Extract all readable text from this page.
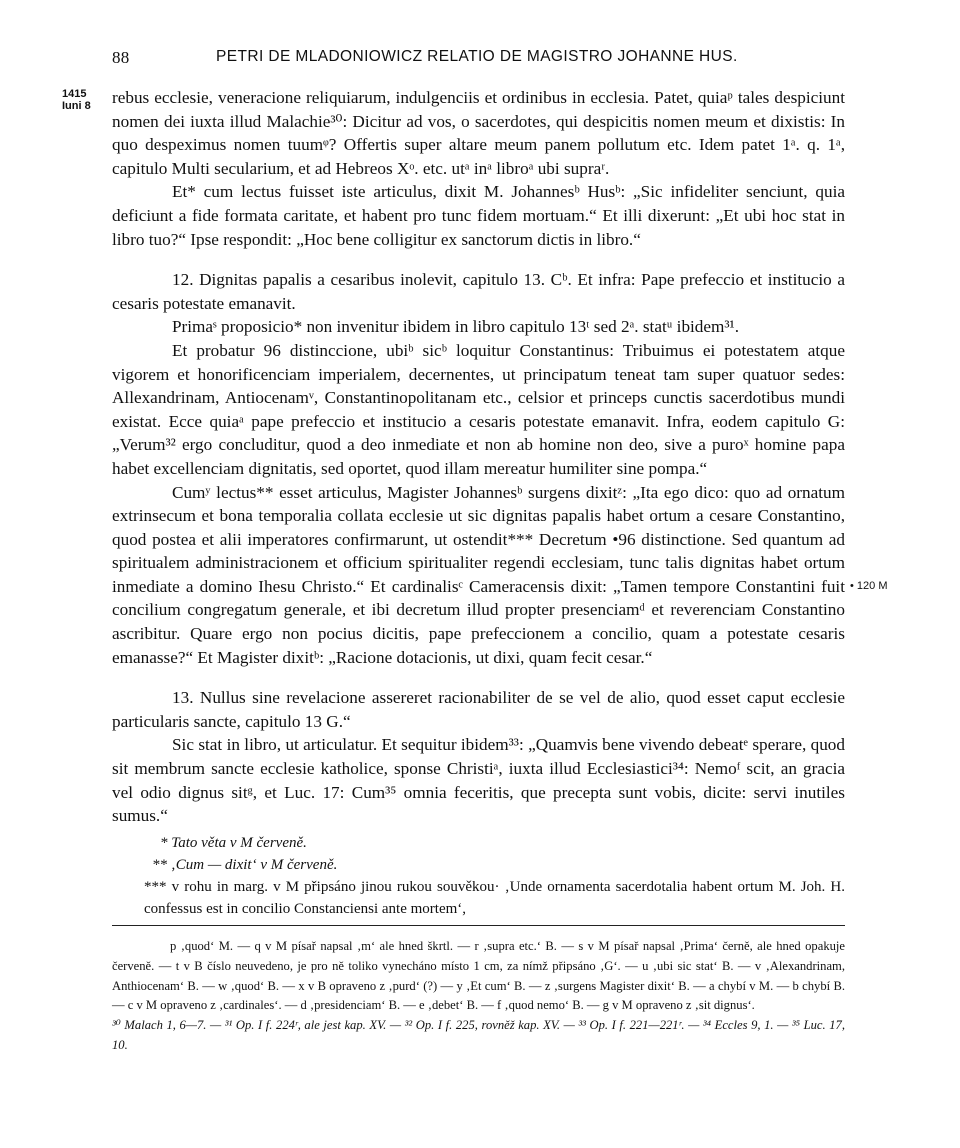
88	PETRI DE MLADONIOWICZ RELATIO DE MAGISTRO JOHANNE HUS.
1415
Iuni 8
• 120 M

rebus ecclesie, veneracione reliquiarum, indulgenciis et ordinibus in ecclesia. Patet, quiaᵖ tales despiciunt nomen dei iuxta illud Malachie³⁰: Dicitur ad vos, o sacerdotes, qui despicitis nomen meum et dixistis: In quo despeximus nomen tuumᵠ? Offertis super altare meum panem pollutum etc. Idem patet 1ᵃ. q. 1ᵃ, capitulo Multi secularium, et ad Hebreos Xᵒ. etc. utᵃ inᵃ libroᵃ ubi supraʳ.

Et* cum lectus fuisset iste articulus, dixit M. Johannesᵇ Husᵇ: „Sic infideliter senciunt, quia deficiunt a fide formata caritate, et habent pro tunc fidem mortuam.“ Et illi dixerunt: „Et ubi hoc stat in libro tuo?“ Ipse respondit: „Hoc bene colligitur ex sanctorum dictis in libro.“

12. Dignitas papalis a cesaribus inolevit, capitulo 13. Cᵇ. Et infra: Pape prefeccio et institucio a cesaris potestate emanavit.

Primaˢ proposicio* non invenitur ibidem in libro capitulo 13ᵗ sed 2ᵃ. statᵘ ibidem³¹.

Et probatur 96 distinccione, ubiᵇ sicᵇ loquitur Constantinus: Tribuimus ei potestatem atque vigorem et honorificenciam imperialem, decernentes, ut principatum teneat tam super quatuor sedes: Allexandrinam, Antiocenamᵛ, Constantinopolitanam etc., celsior et princeps cunctis sacerdotibus mundi existat. Ecce quiaᵃ pape prefeccio et institucio a cesaris potestate emanavit. Infra, eodem capitulo G: „Verum³² ergo concluditur, quod a deo inmediate et non ab homine non deo, sive a puroˣ homine papa habet excellenciam dignitatis, sed oportet, quod illam mereatur humiliter sine pompa.“

Cumʸ lectus** esset articulus, Magister Johannesᵇ surgens dixitᶻ: „Ita ego dico: quo ad ornatum extrinsecum et bona temporalia collata ecclesie ut sic dignitas papalis habet ortum a cesare Constantino, quod postea et alii imperatores confirmarunt, ut ostendit*** Decretum •96 distinctione. Sed quantum ad spiritualem administracionem et officium spiritualiter regendi ecclesiam, tunc talis dignitas habet ortum inmediate a domino Ihesu Christo.“ Et cardinalisᶜ Cameracensis dixit: „Tamen tempore Constantini fuit concilium congregatum generale, et ibi decretum illud propter presenciamᵈ et reverenciam Constantino ascribitur. Quare ergo non pocius dicitis, pape prefeccionem a concilio, quam a potestate cesaris emanasse?“ Et Magister dixitᵇ: „Racione dotacionis, ut dixi, quam fecit cesar.“

13. Nullus sine revelacione assereret racionabiliter de se vel de alio, quod esset caput ecclesie particularis sancte, capitulo 13 G.“

Sic stat in libro, ut articulatur. Et sequitur ibidem³³: „Quamvis bene vivendo debeatᵉ sperare, quod sit membrum sancte ecclesie katholice, sponse Christiᵃ, iuxta illud Ecclesiastici³⁴: Nemoᶠ scit, an gracia vel odio dignus sitᵍ, et Luc. 17: Cum³⁵ omnia feceritis, que precepta sunt vobis, dicite: servi inutiles sumus.“

* Tato věta v M červeně.

** ‚Cum — dixit‘ v M červeně.

*** v rohu in marg. v M připsáno jinou rukou souvěkou· ‚Unde ornamenta sacerdotalia habent ortum M. Joh. H. confessus est in concilio Constanciensi ante mortem‘,

p ‚quod‘ M. — q v M písař napsal ‚m‘ ale hned škrtl. — r ‚supra etc.‘ B. — s v M písař napsal ‚Prima‘ černě, ale hned opakuje červeně. — t v B číslo neuvedeno, je pro ně toliko vynecháno místo 1 cm, za nímž připsáno ‚G‘. — u ‚ubi sic stat‘ B. — v ‚Alexandrinam, Anthiocenam‘ B. — w ‚quod‘ B. — x v B opraveno z ‚purd‘ (?) — y ‚Et cum‘ B. — z ‚surgens Magister dixit‘ B. — a chybí v M. — b chybí B. — c v M opraveno z ‚cardinales‘. — d ‚presidenciam‘ B. — e ‚debet‘ B. — f ‚quod nemo‘ B. — g v M opraveno z ‚sit dignus‘.

³⁰ Malach 1, 6—7. — ³¹ Op. I f. 224ʳ, ale jest kap. XV. — ³² Op. I f. 225, rovněž kap. XV. — ³³ Op. I f. 221—221ʳ. — ³⁴ Eccles 9, 1. — ³⁵ Luc. 17, 10.
